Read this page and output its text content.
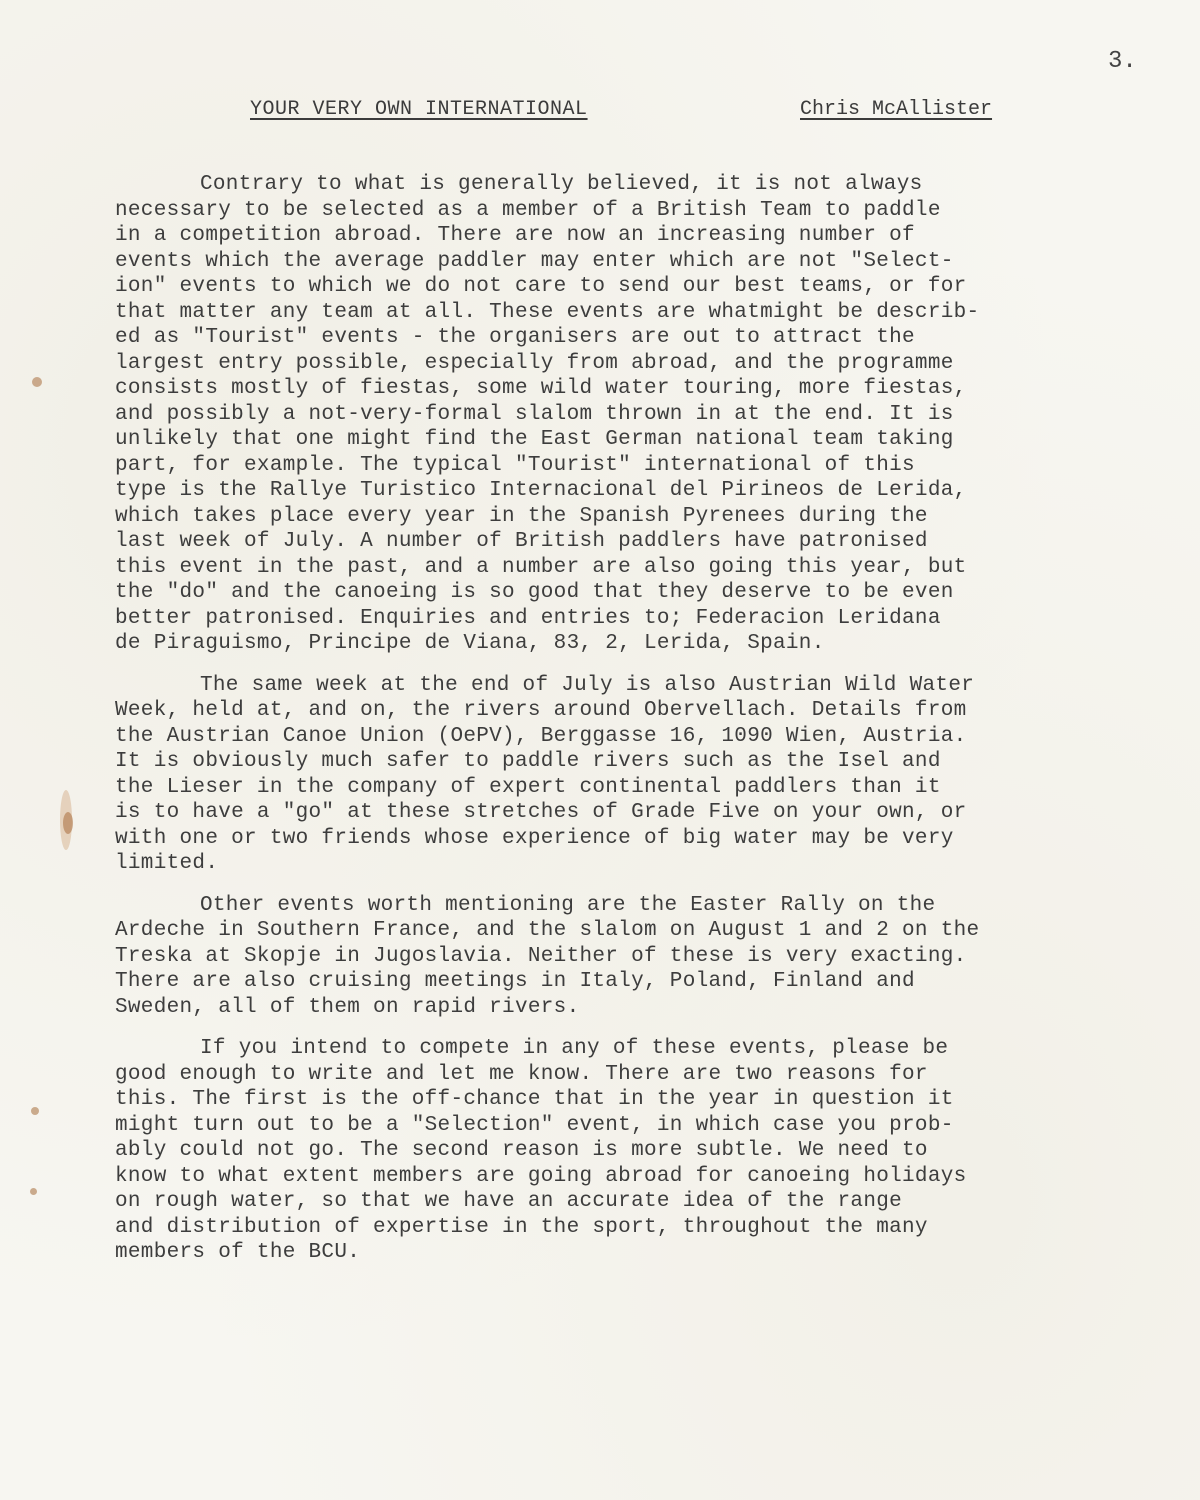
3.
YOUR VERY OWN INTERNATIONAL	Chris McAllister
Contrary to what is generally believed, it is not always
necessary to be selected as a member of a British Team to paddle
in a competition abroad. There are now an increasing number of
events which the average paddler may enter which are not "Select-
ion" events to which we do not care to send our best teams, or for
that matter any team at all. These events are whatmight be describ-
ed as "Tourist" events - the organisers are out to attract the
largest entry possible, especially from abroad, and the programme
consists mostly of fiestas, some wild water touring, more fiestas,
and possibly a not-very-formal slalom thrown in at the end. It is
unlikely that one might find the East German national team taking
part, for example. The typical "Tourist" international of this
type is the Rallye Turistico Internacional del Pirineos de Lerida,
which takes place every year in the Spanish Pyrenees during the
last week of July. A number of British paddlers have patronised
this event in the past, and a number are also going this year, but
the "do" and the canoeing is so good that they deserve to be even
better patronised. Enquiries and entries to; Federacion Leridana
de Piraguismo, Principe de Viana, 83, 2, Lerida, Spain.
The same week at the end of July is also Austrian Wild Water
Week, held at, and on, the rivers around Obervellach. Details from
the Austrian Canoe Union (OePV), Berggasse 16, 1090 Wien, Austria.
It is obviously much safer to paddle rivers such as the Isel and
the Lieser in the company of expert continental paddlers than it
is to have a "go" at these stretches of Grade Five on your own, or
with one or two friends whose experience of big water may be very
limited.
Other events worth mentioning are the Easter Rally on the
Ardeche in Southern France, and the slalom on August 1 and 2 on the
Treska at Skopje in Jugoslavia. Neither of these is very exacting.
There are also cruising meetings in Italy, Poland, Finland and
Sweden, all of them on rapid rivers.
If you intend to compete in any of these events, please be
good enough to write and let me know. There are two reasons for
this. The first is the off-chance that in the year in question it
might turn out to be a "Selection" event, in which case you prob-
ably could not go. The second reason is more subtle. We need to
know to what extent members are going abroad for canoeing holidays
on rough water, so that we have an accurate idea of the range
and distribution of expertise in the sport, throughout the many
members of the BCU.
